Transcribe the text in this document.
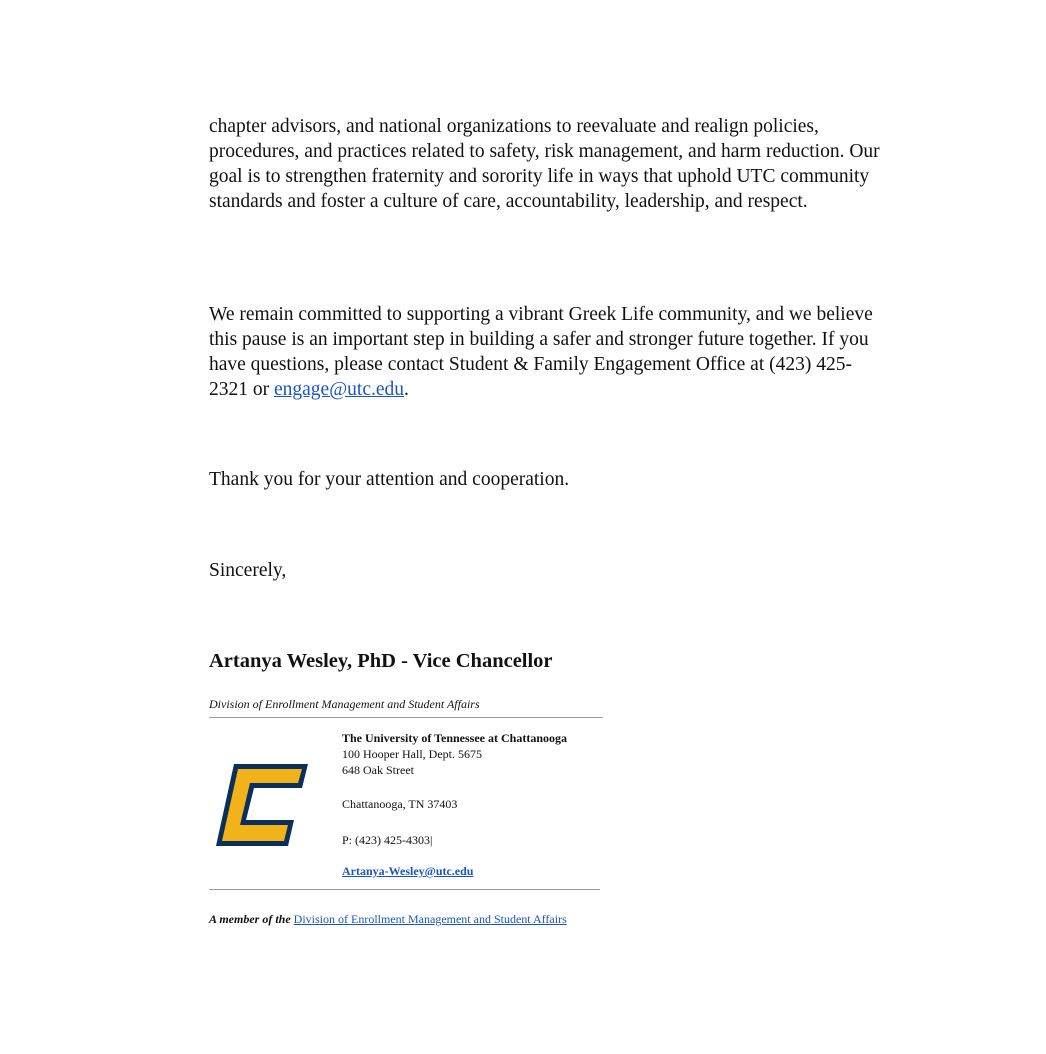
chapter advisors, and national organizations to reevaluate and realign policies, procedures, and practices related to safety, risk management, and harm reduction. Our goal is to strengthen fraternity and sorority life in ways that uphold UTC community standards and foster a culture of care, accountability, leadership, and respect.

We remain committed to supporting a vibrant Greek Life community, and we believe this pause is an important step in building a safer and stronger future together. If you have questions, please contact Student & Family Engagement Office at (423) 425-2321 or engage@utc.edu.

Thank you for your attention and cooperation.

Sincerely,

Artanya Wesley, PhD - Vice Chancellor

Division of Enrollment Management and Student Affairs

The University of Tennessee at Chattanooga
100 Hooper Hall, Dept. 5675
648 Oak Street
Chattanooga, TN 37403
P: (423) 425-4303|
Artanya-Wesley@utc.edu

A member of the Division of Enrollment Management and Student Affairs
